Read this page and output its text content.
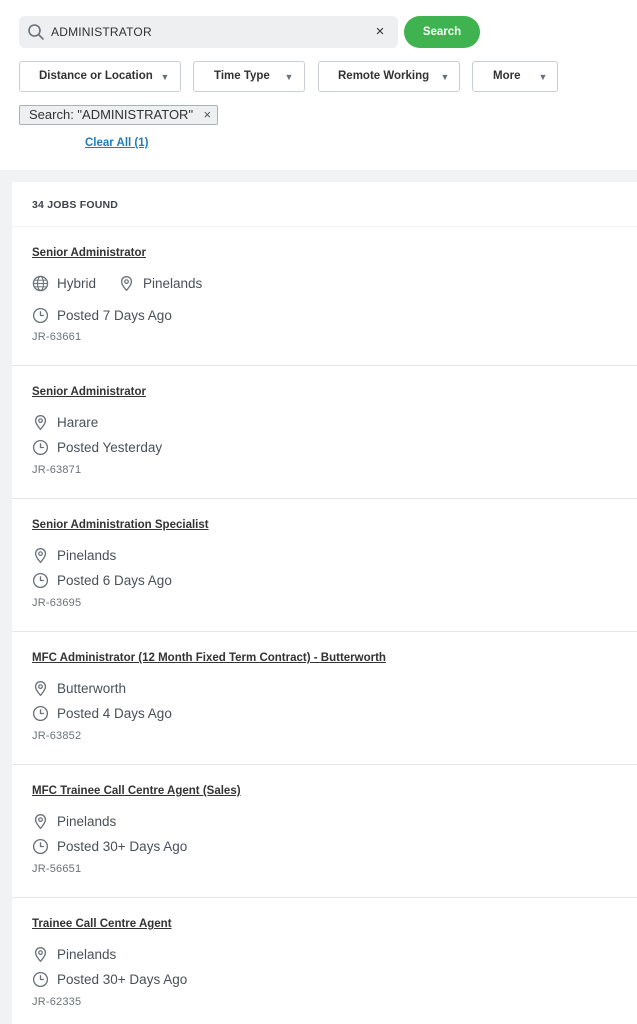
ADMINISTRATOR	×	Search
Distance or Location ▼	Time Type ▼	Remote Working ▼	More ▼
Search: "ADMINISTRATOR" ×
Clear All (1)
34 JOBS FOUND
Senior Administrator
Hybrid	Pinelands
Posted 7 Days Ago
JR-63661
Senior Administrator
Harare
Posted Yesterday
JR-63871
Senior Administration Specialist
Pinelands
Posted 6 Days Ago
JR-63695
MFC Administrator (12 Month Fixed Term Contract) - Butterworth
Butterworth
Posted 4 Days Ago
JR-63852
MFC Trainee Call Centre Agent (Sales)
Pinelands
Posted 30+ Days Ago
JR-56651
Trainee Call Centre Agent
Pinelands
Posted 30+ Days Ago
JR-62335
